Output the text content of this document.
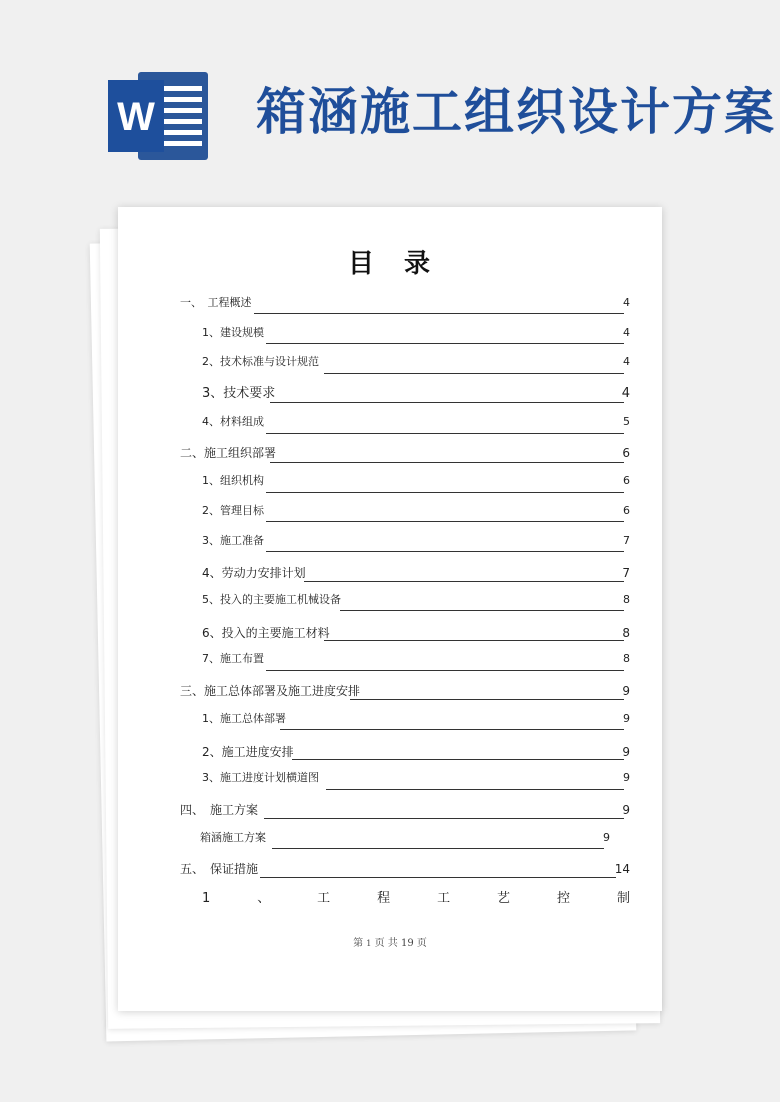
W 箱涵施工组织设计方案
目　录
一、　工程概述	4
1、建设规模	4
2、技术标准与设计规范	4
3、技术要求	4
4、材料组成	5
二、施工组织部署	6
1、组织机构	6
2、管理目标	6
3、施工准备	7
4、劳动力安排计划	7
5、投入的主要施工机械设备	8
6、投入的主要施工材料	8
7、施工布置	8
三、施工总体部署及施工进度安排	9
1、施工总体部署	9
2、施工进度安排	9
3、施工进度计划横道图	9
四、　施工方案	9
箱涵施工方案	9
五、　保证措施	14
1	、	工	程	工	艺	控	制
第 1 页 共 19 页
